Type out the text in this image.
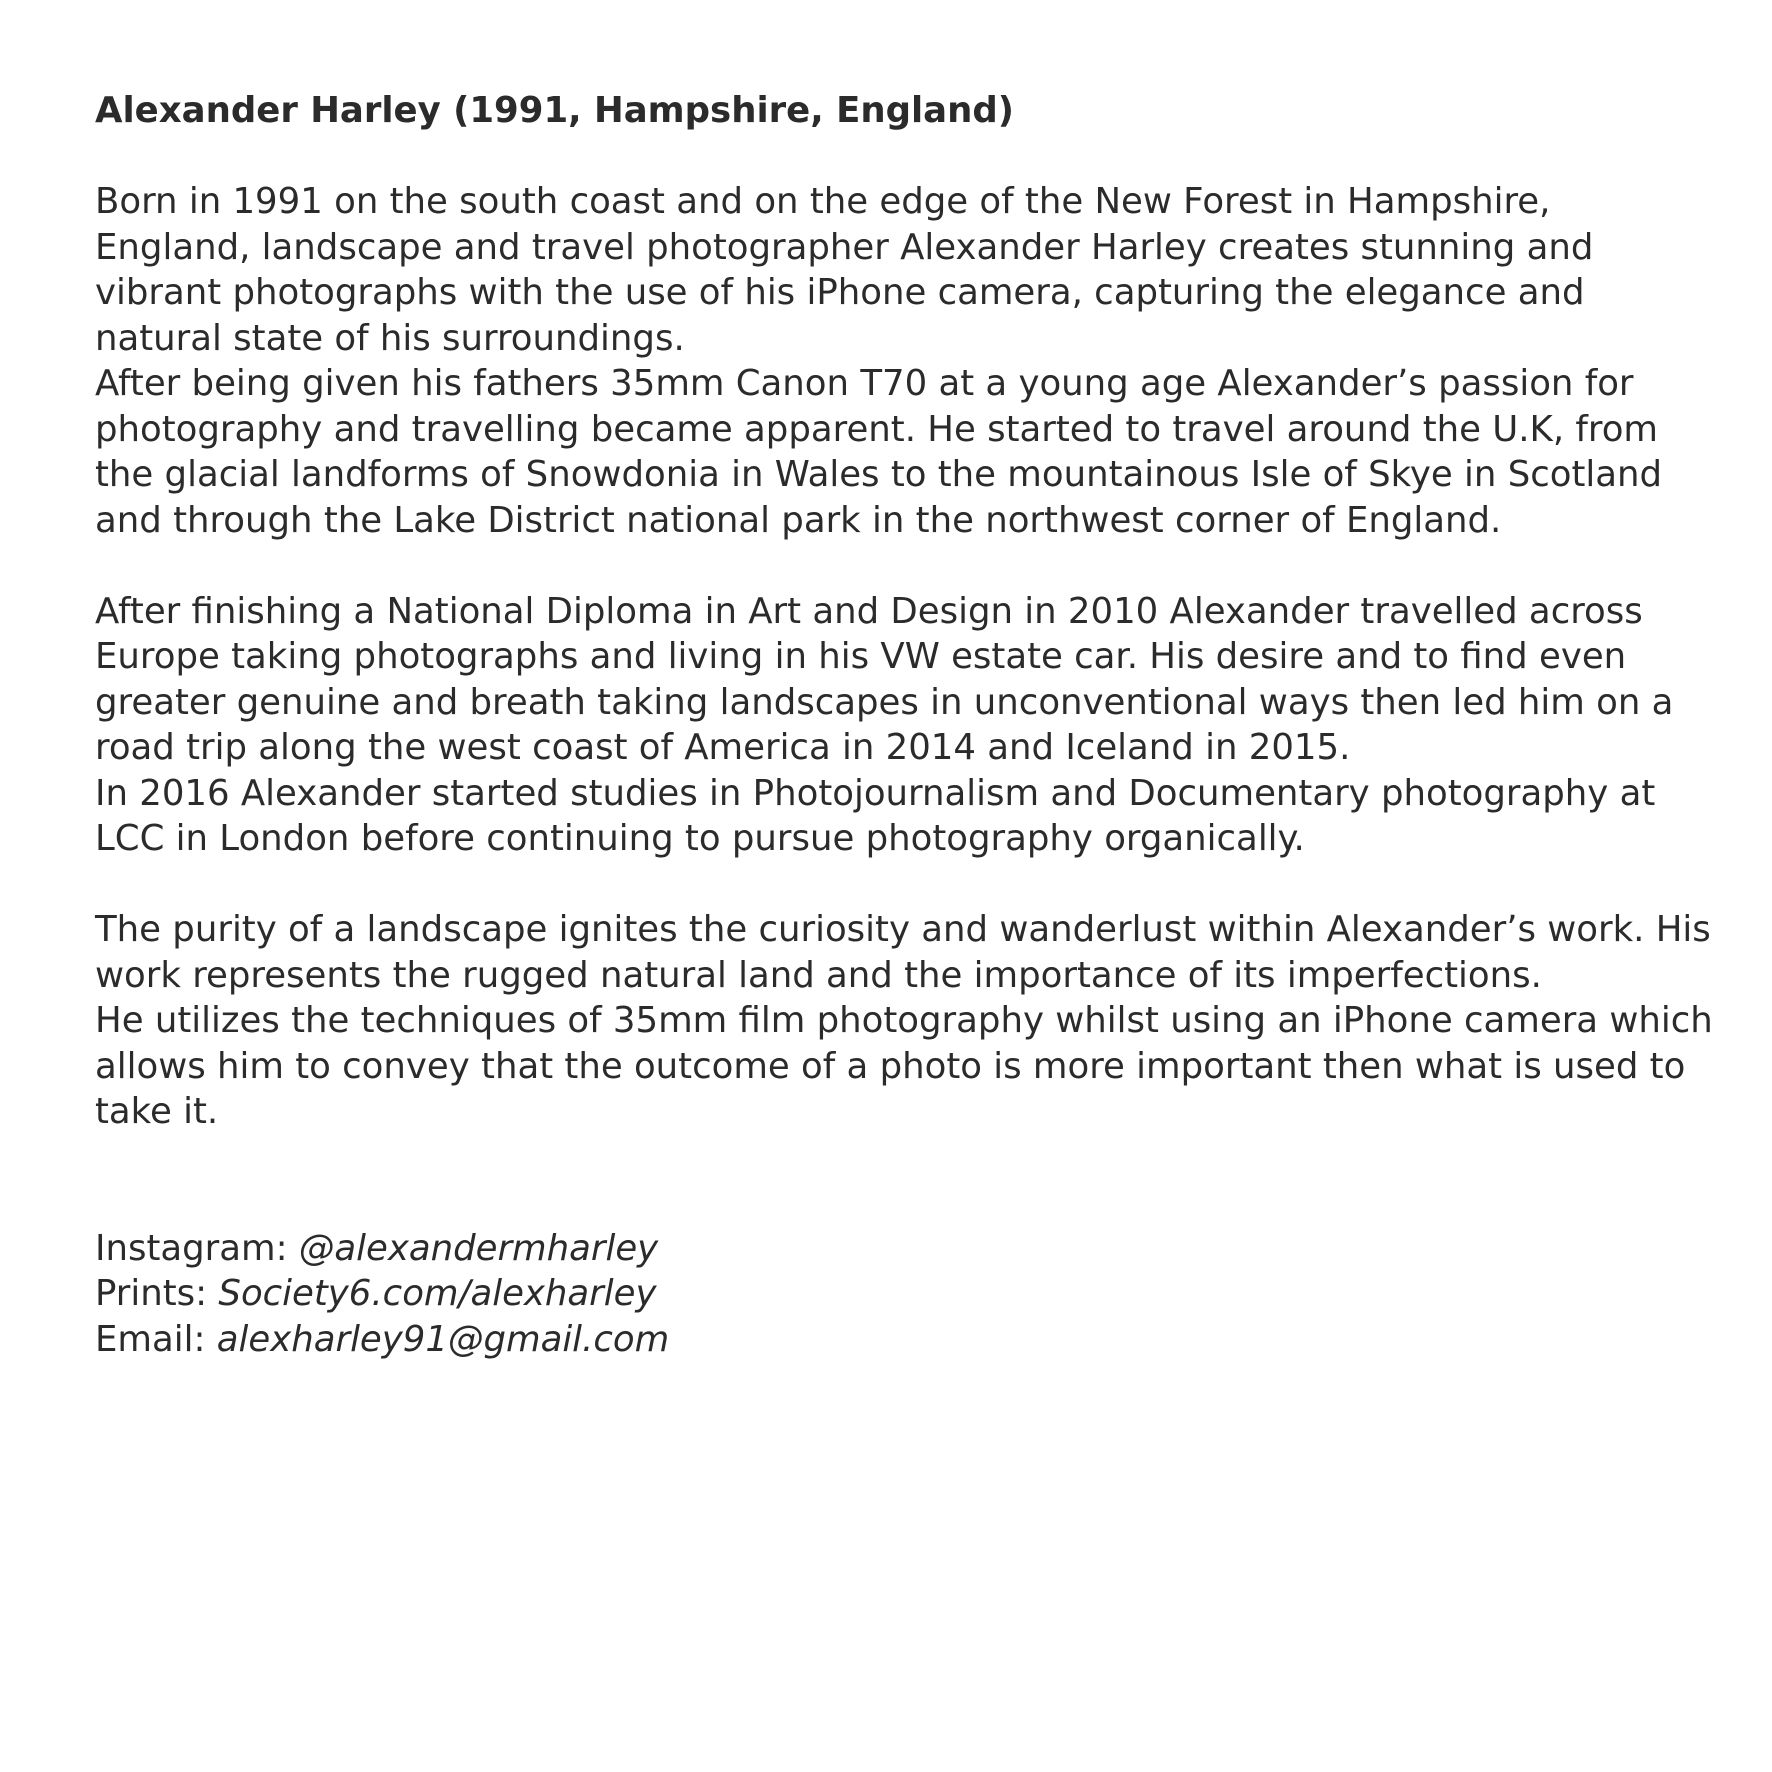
Alexander Harley (1991, Hampshire, England)

Born in 1991 on the south coast and on the edge of the New Forest in Hampshire, England, landscape and travel photographer Alexander Harley creates stunning and vibrant photographs with the use of his iPhone camera, capturing the elegance and natural state of his surroundings.

After being given his fathers 35mm Canon T70 at a young age Alexander’s passion for photography and travelling became apparent. He started to travel around the U.K, from the glacial landforms of Snowdonia in Wales to the mountainous Isle of Skye in Scotland and through the Lake District national park in the northwest corner of England.

After finishing a National Diploma in Art and Design in 2010 Alexander travelled across Europe taking photographs and living in his VW estate car. His desire and to find even greater genuine and breath taking landscapes in unconventional ways then led him on a road trip along the west coast of America in 2014 and Iceland in 2015.

In 2016 Alexander started studies in Photojournalism and Documentary photography at LCC in London before continuing to pursue photography organically.

The purity of a landscape ignites the curiosity and wanderlust within Alexander’s work. His work represents the rugged natural land and the importance of its imperfections.

He utilizes the techniques of 35mm film photography whilst using an iPhone camera which allows him to convey that the outcome of a photo is more important then what is used to take it.

Instagram: @alexandermharley

Prints: Society6.com/alexharley

Email: alexharley91@gmail.com
